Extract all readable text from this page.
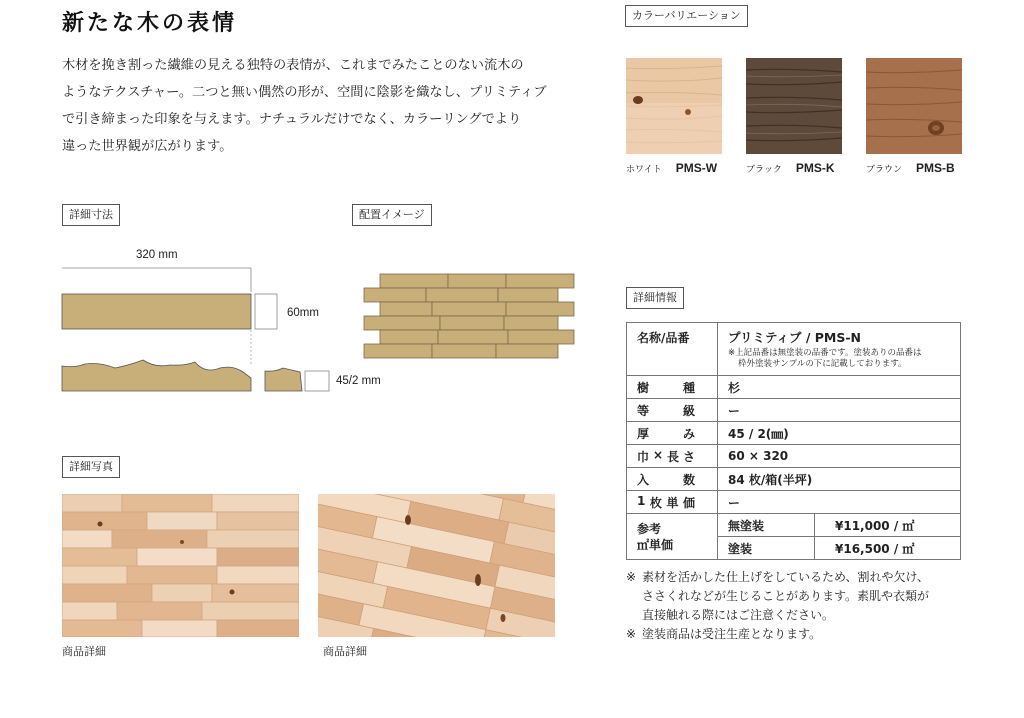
新たな木の表情
木材を挽き割った繊維の見える独特の表情が、これまでみたことのない流木の
ようなテクスチャー。二つと無い偶然の形が、空間に陰影を織なし、プリミティブ
で引き締まった印象を与えます。ナチュラルだけでなく、カラーリングでより
違った世界観が広がります。
カラーバリエーション
ホワイト PMS-W	ブラック PMS-K	ブラウン PMS-B
詳細寸法
320 mm
60mm
45/2 mm
配置イメージ
詳細写真
商品詳細	商品詳細
詳細情報
名称/品番	プリミティブ / PMS-N
※上記品番は無塗装の品番です。塗装ありの品番は
枠外塗装サンプルの下に記載しております。	

樹 種	杉	

等 級	ー	

厚 み	45 / 2(㎜)	

巾 × 長 さ	60 × 320	

入 数	84 枚/箱(半坪)	

1 枚 単 価	ー	

参考
㎡単価	無塗装	¥11,000 / ㎡
	塗装	¥16,500 / ㎡
※ 素材を活かした仕上げをしているため、割れや欠け、
ささくれなどが生じることがあります。素肌や衣類が
直接触れる際にはご注意ください。
※ 塗装商品は受注生産となります。
